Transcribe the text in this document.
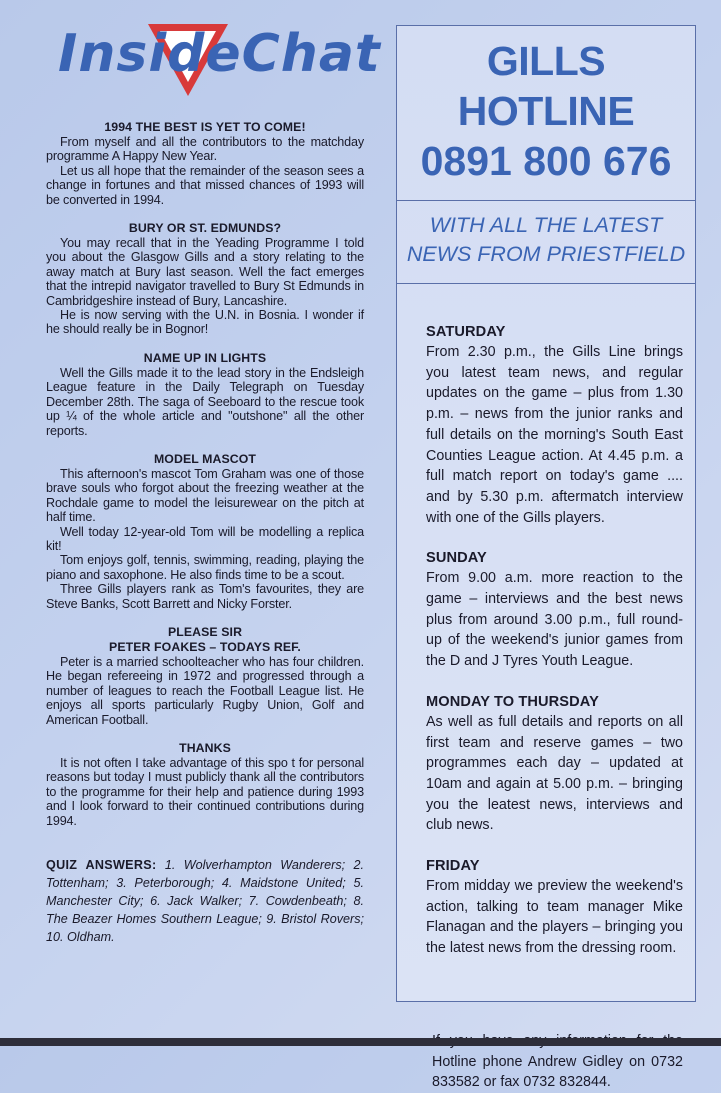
InsideChat

1994 THE BEST IS YET TO COME!

From myself and all the contributors to the matchday programme A Happy New Year.

Let us all hope that the remainder of the season sees a change in fortunes and that missed chances of 1993 will be converted in 1994.

BURY OR ST. EDMUNDS?

You may recall that in the Yeading Programme I told you about the Glasgow Gills and a story relating to the away match at Bury last season. Well the fact emerges that the intrepid navigator travelled to Bury St Edmunds in Cambridgeshire instead of Bury, Lancashire.

He is now serving with the U.N. in Bosnia. I wonder if he should really be in Bognor!

NAME UP IN LIGHTS

Well the Gills made it to the lead story in the Endsleigh League feature in the Daily Telegraph on Tuesday December 28th. The saga of Seeboard to the rescue took up ¼ of the whole article and "outshone" all the other reports.

MODEL MASCOT

This afternoon's mascot Tom Graham was one of those brave souls who forgot about the freezing weather at the Rochdale game to model the leisurewear on the pitch at half time.

Well today 12-year-old Tom will be modelling a replica kit!

Tom enjoys golf, tennis, swimming, reading, playing the piano and saxophone. He also finds time to be a scout.

Three Gills players rank as Tom's favourites, they are Steve Banks, Scott Barrett and Nicky Forster.

PLEASE SIR
PETER FOAKES – TODAYS REF.

Peter is a married schoolteacher who has four children. He began refereeing in 1972 and progressed through a number of leagues to reach the Football League list. He enjoys all sports particularly Rugby Union, Golf and American Football.

THANKS

It is not often I take advantage of this spo t for personal reasons but today I must publicly thank all the contributors to the programme for their help and patience during 1993 and I look forward to their continued contributions during 1994.

QUIZ ANSWERS: 1. Wolverhampton Wanderers; 2. Tottenham; 3. Peterborough; 4. Maidstone United; 5. Manchester City; 6. Jack Walker; 7. Cowdenbeath; 8. The Beazer Homes Southern League; 9. Bristol Rovers; 10. Oldham.
GILLS HOTLINE
0891 800 676
WITH ALL THE LATEST
NEWS FROM PRIESTFIELD
SATURDAY

From 2.30 p.m., the Gills Line brings you latest team news, and regular updates on the game – plus from 1.30 p.m. – news from the junior ranks and full details on the morning's South East Counties League action. At 4.45 p.m. a full match report on today's game .... and by 5.30 p.m. aftermatch interview with one of the Gills players.

SUNDAY

From 9.00 a.m. more reaction to the game – interviews and the best news plus from around 3.00 p.m., full round-up of the weekend's junior games from the D and J Tyres Youth League.

MONDAY TO THURSDAY

As well as full details and reports on all first team and reserve games – two programmes each day – updated at 10am and again at 5.00 p.m. – bringing you the leatest news, interviews and club news.

FRIDAY

From midday we preview the weekend's action, talking to team manager Mike Flanagan and the players – bringing you the latest news from the dressing room.

Hotline phone Andrew Gidley on 0732 833582 or fax 0732 832844.
